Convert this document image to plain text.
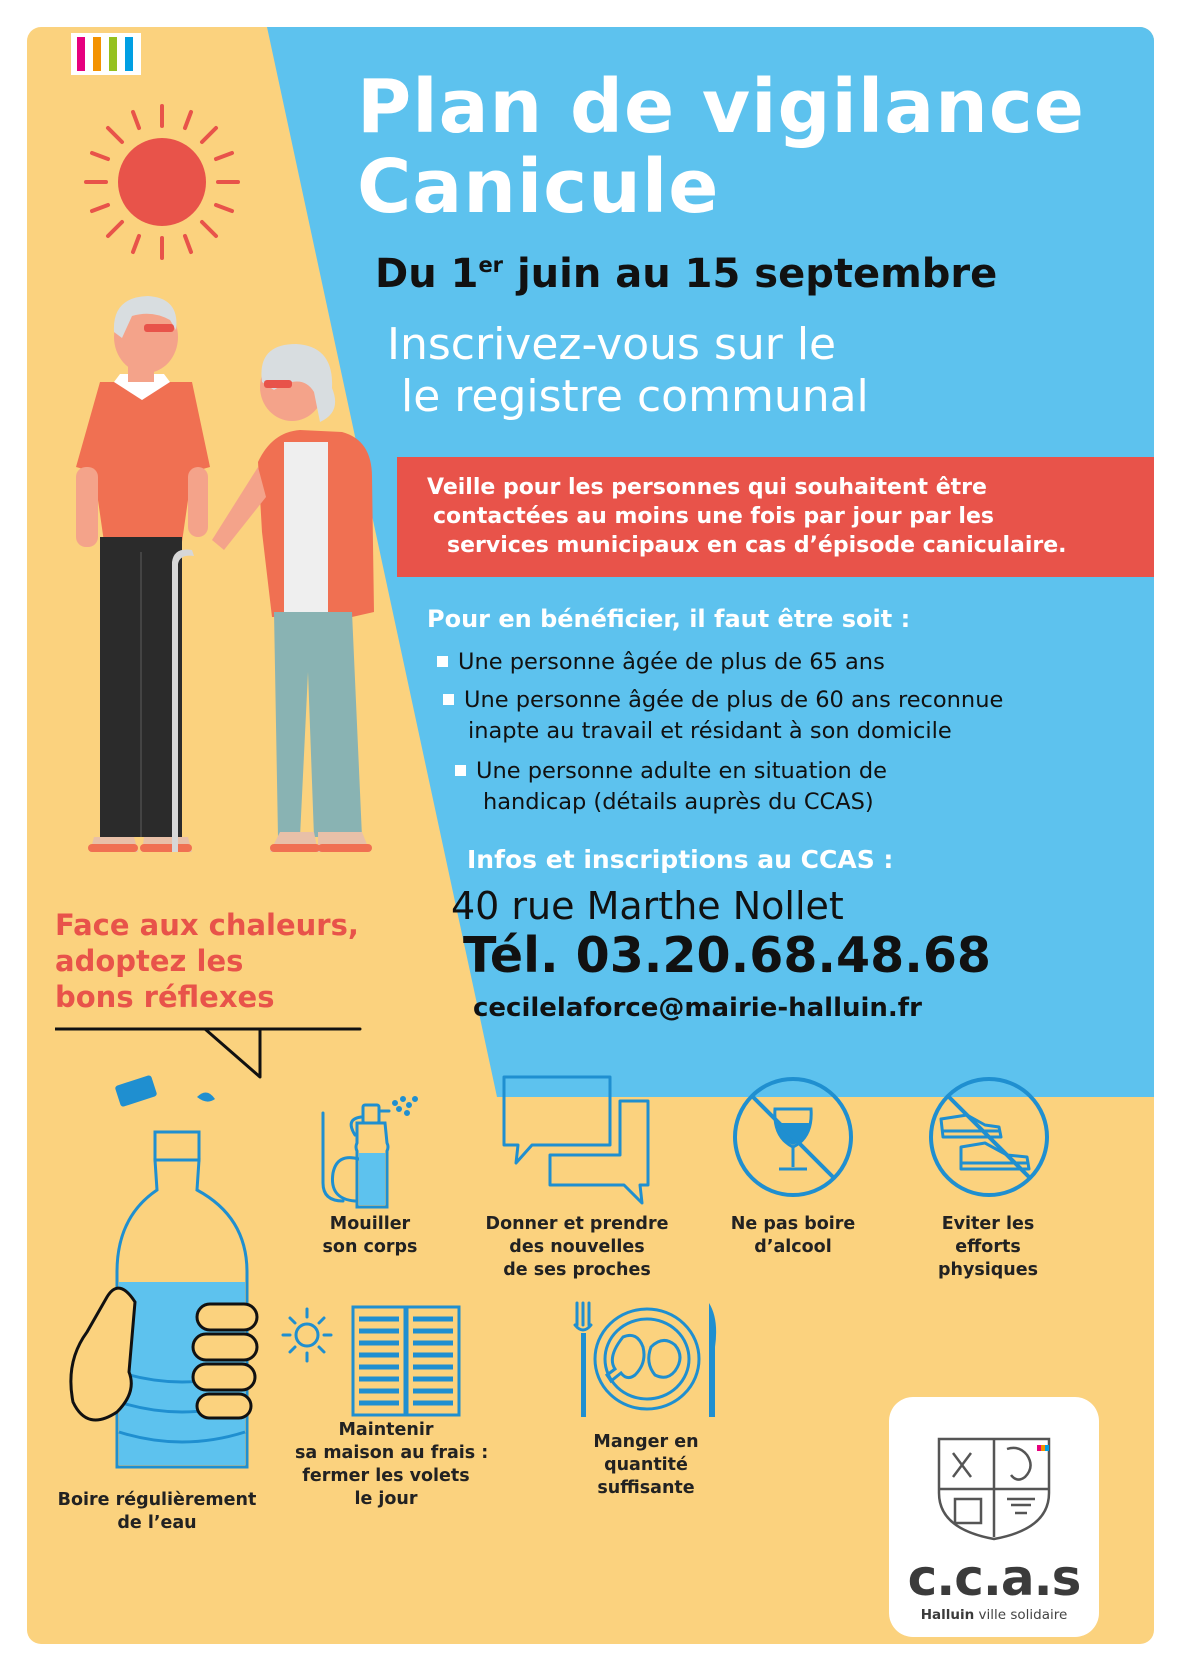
Plan de vigilance
Canicule
Du 1er juin au 15 septembre
Inscrivez-vous sur le
le registre communal
Veille pour les personnes qui souhaitent être
contactées au moins une fois par jour par les
services municipaux en cas d’épisode caniculaire.
Pour en bénéficier, il faut être soit :
Une personne âgée de plus de 65 ans
Une personne âgée de plus de 60 ans reconnue
inapte au travail et résidant à son domicile
Une personne adulte en situation de
handicap (détails auprès du CCAS)
Infos et inscriptions au CCAS :
40 rue Marthe Nollet
Tél. 03.20.68.48.68
cecilelaforce@mairie-halluin.fr
Face aux chaleurs,
adoptez les
bons réflexes
Boire régulièrement
de l’eau
Mouiller
son corps
Donner et prendre
des nouvelles
de ses proches
Ne pas boire
d’alcool
Eviter les
efforts
physiques
Maintenir
sa maison au frais :
fermer les volets
le jour
Manger en
quantité
suffisante
c.c.a.s
Halluin ville solidaire
